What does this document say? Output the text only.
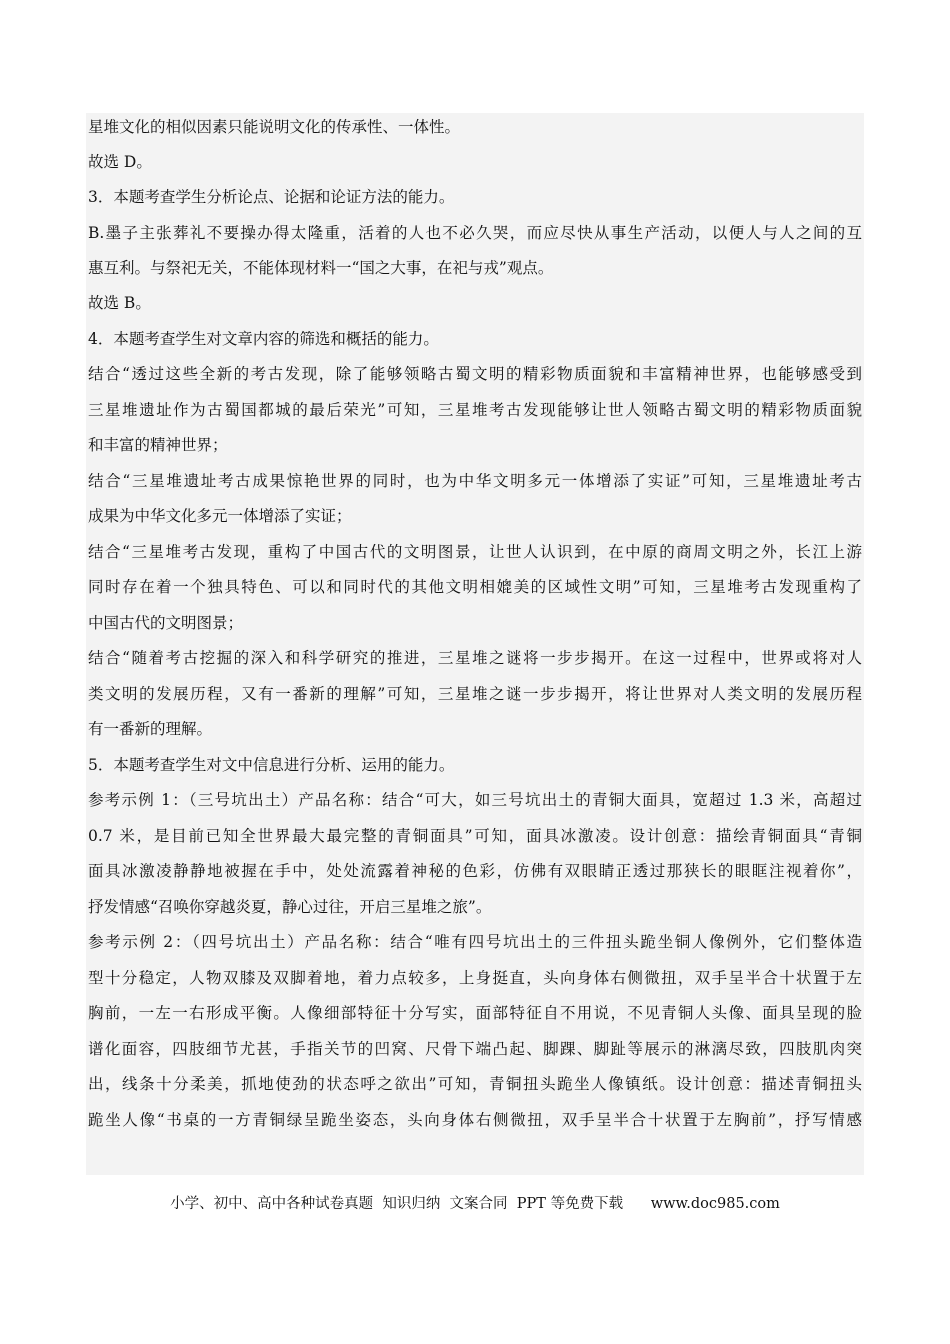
星堆文化的相似因素只能说明文化的传承性、一体性。
故选 D。
3．本题考查学生分析论点、论据和论证方法的能力。
B.墨子主张葬礼不要操办得太隆重，活着的人也不必久哭，而应尽快从事生产活动，以便人与人之间的互
惠互利。与祭祀无关，不能体现材料一“国之大事，在祀与戎”观点。
故选 B。
4．本题考查学生对文章内容的筛选和概括的能力。
结合“透过这些全新的考古发现，除了能够领略古蜀文明的精彩物质面貌和丰富精神世界，也能够感受到
三星堆遗址作为古蜀国都城的最后荣光”可知，三星堆考古发现能够让世人领略古蜀文明的精彩物质面貌
和丰富的精神世界；
结合“三星堆遗址考古成果惊艳世界的同时，也为中华文明多元一体增添了实证”可知，三星堆遗址考古
成果为中华文化多元一体增添了实证；
结合“三星堆考古发现，重构了中国古代的文明图景，让世人认识到，在中原的商周文明之外，长江上游
同时存在着一个独具特色、可以和同时代的其他文明相媲美的区域性文明”可知，三星堆考古发现重构了
中国古代的文明图景；
结合“随着考古挖掘的深入和科学研究的推进，三星堆之谜将一步步揭开。在这一过程中，世界或将对人
类文明的发展历程，又有一番新的理解”可知，三星堆之谜一步步揭开，将让世界对人类文明的发展历程
有一番新的理解。
5．本题考查学生对文中信息进行分析、运用的能力。
参考示例 1：（三号坑出土）产品名称：结合“可大，如三号坑出土的青铜大面具，宽超过 1.3 米，高超过
0.7 米，是目前已知全世界最大最完整的青铜面具”可知，面具冰激凌。设计创意：描绘青铜面具“青铜
面具冰激凌静静地被握在手中，处处流露着神秘的色彩，仿佛有双眼睛正透过那狭长的眼眶注视着你”，
抒发情感“召唤你穿越炎夏，静心过往，开启三星堆之旅”。
参考示例 2：（四号坑出土）产品名称：结合“唯有四号坑出土的三件扭头跪坐铜人像例外，它们整体造
型十分稳定，人物双膝及双脚着地，着力点较多，上身挺直，头向身体右侧微扭，双手呈半合十状置于左
胸前，一左一右形成平衡。人像细部特征十分写实，面部特征自不用说，不见青铜人头像、面具呈现的脸
谱化面容，四肢细节尤甚，手指关节的凹窝、尺骨下端凸起、脚踝、脚趾等展示的淋漓尽致，四肢肌肉突
出，线条十分柔美，抓地使劲的状态呼之欲出”可知，青铜扭头跪坐人像镇纸。设计创意：描述青铜扭头
跪坐人像“书桌的一方青铜绿呈跪坐姿态，头向身体右侧微扭，双手呈半合十状置于左胸前”，抒写情感
小学、初中、高中各种试卷真题  知识归纳  文案合同  PPT 等免费下载 www.doc985.com
